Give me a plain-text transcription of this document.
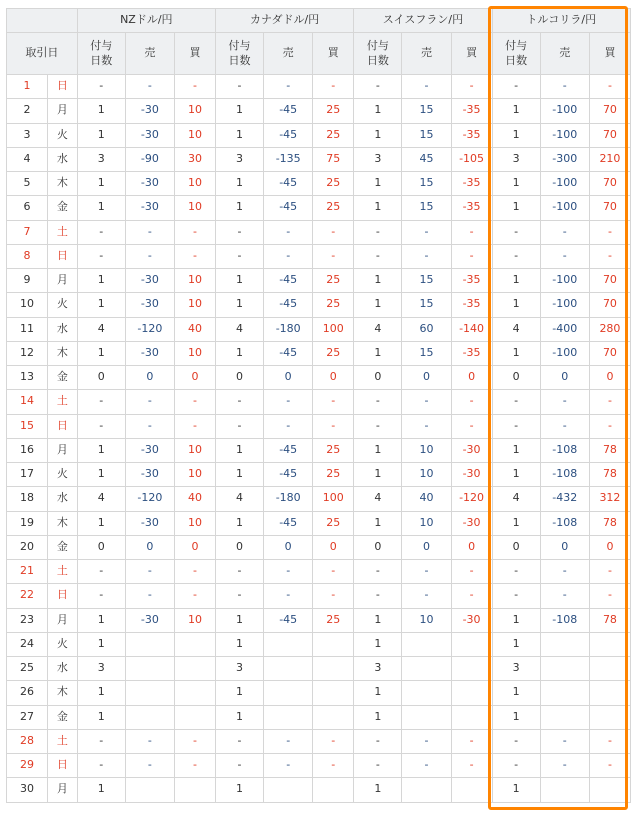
		NZドル/円			カナダドル/円			スイスフラン/円			トルコリラ/円		
取引日		付与
日数	売	買	付与
日数	売	買	付与
日数	売	買	付与
日数	売	買
1	日	-	-	-	-	-	-	-	-	-	-	-	-
2	月	1	-30	10	1	-45	25	1	15	-35	1	-100	70
3	火	1	-30	10	1	-45	25	1	15	-35	1	-100	70
4	水	3	-90	30	3	-135	75	3	45	-105	3	-300	210
5	木	1	-30	10	1	-45	25	1	15	-35	1	-100	70
6	金	1	-30	10	1	-45	25	1	15	-35	1	-100	70
7	土	-	-	-	-	-	-	-	-	-	-	-	-
8	日	-	-	-	-	-	-	-	-	-	-	-	-
9	月	1	-30	10	1	-45	25	1	15	-35	1	-100	70
10	火	1	-30	10	1	-45	25	1	15	-35	1	-100	70
11	水	4	-120	40	4	-180	100	4	60	-140	4	-400	280
12	木	1	-30	10	1	-45	25	1	15	-35	1	-100	70
13	金	0	0	0	0	0	0	0	0	0	0	0	0
14	土	-	-	-	-	-	-	-	-	-	-	-	-
15	日	-	-	-	-	-	-	-	-	-	-	-	-
16	月	1	-30	10	1	-45	25	1	10	-30	1	-108	78
17	火	1	-30	10	1	-45	25	1	10	-30	1	-108	78
18	水	4	-120	40	4	-180	100	4	40	-120	4	-432	312
19	木	1	-30	10	1	-45	25	1	10	-30	1	-108	78
20	金	0	0	0	0	0	0	0	0	0	0	0	0
21	土	-	-	-	-	-	-	-	-	-	-	-	-
22	日	-	-	-	-	-	-	-	-	-	-	-	-
23	月	1	-30	10	1	-45	25	1	10	-30	1	-108	78
24	火	1			1			1			1		
25	水	3			3			3			3		
26	木	1			1			1			1		
27	金	1			1			1			1		
28	土	-	-	-	-	-	-	-	-	-	-	-	-
29	日	-	-	-	-	-	-	-	-	-	-	-	-
30	月	1			1			1			1		
